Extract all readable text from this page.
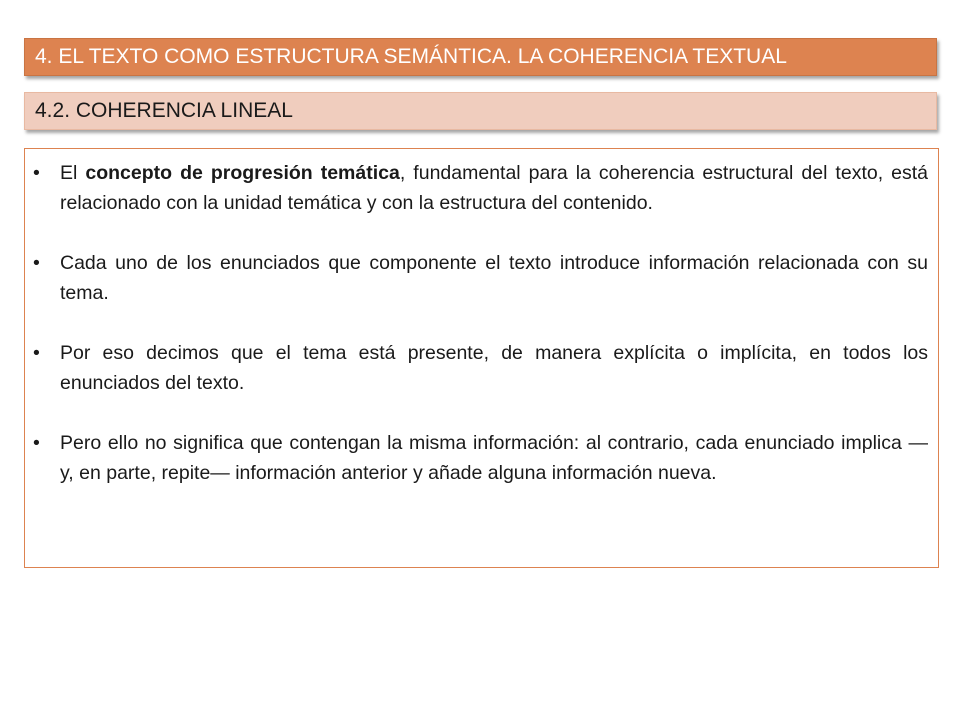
4. EL TEXTO COMO ESTRUCTURA SEMÁNTICA. LA COHERENCIA TEXTUAL
4.2. COHERENCIA LINEAL
• El concepto de progresión temática, fundamental para la coherencia estructural del texto, está relacionado con la unidad temática y con la estructura del contenido.
• Cada uno de los enunciados que componente el texto introduce información relacionada con su tema.
• Por eso decimos que el tema está presente, de manera explícita o implícita, en todos los enunciados del texto.
• Pero ello no significa que contengan la misma información: al contrario, cada enunciado implica — y, en parte, repite— información anterior y añade alguna información nueva.
